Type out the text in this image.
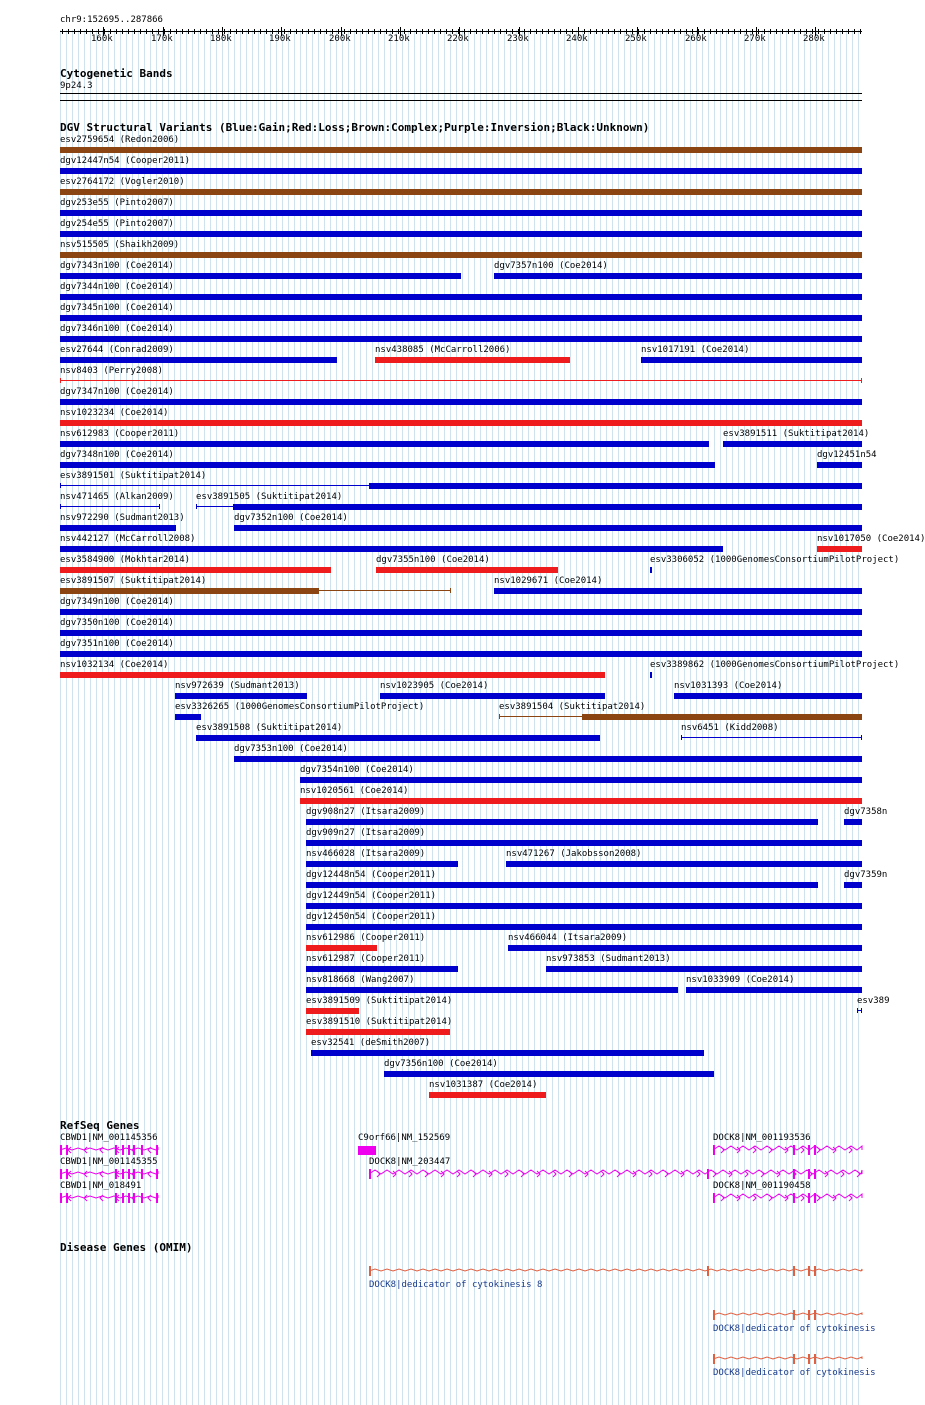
chr9:152695..287866
160k	170k	180k	190k	200k	210k	220k	230k	240k	250k	260k	270k	280k
Cytogenetic Bands
9p24.3
DGV Structural Variants (Blue:Gain;Red:Loss;Brown:Complex;Purple:Inversion;Black:Unknown)
esv2759654 (Redon2006)
dgv12447n54 (Cooper2011)
esv2764172 (Vogler2010)
dgv253e55 (Pinto2007)
dgv254e55 (Pinto2007)
nsv515505 (Shaikh2009)
dgv7343n100 (Coe2014)	dgv7357n100 (Coe2014)
dgv7344n100 (Coe2014)
dgv7345n100 (Coe2014)
dgv7346n100 (Coe2014)
esv27644 (Conrad2009)	nsv438085 (McCarroll2006)	nsv1017191 (Coe2014)
nsv8403 (Perry2008)
dgv7347n100 (Coe2014)
nsv1023234 (Coe2014)
nsv612983 (Cooper2011)	esv3891511 (Suktitipat2014)
dgv7348n100 (Coe2014)	dgv12451n54
esv3891501 (Suktitipat2014)
nsv471465 (Alkan2009) esv3891505 (Suktitipat2014)
nsv972290 (Sudmant2013)	dgv7352n100 (Coe2014)
nsv442127 (McCarroll2008)	nsv1017050 (Coe2014)
esv3584900 (Mokhtar2014)	dgv7355n100 (Coe2014)	esv3306052 (1000GenomesConsortiumPilotProject)
esv3891507 (Suktitipat2014)	nsv1029671 (Coe2014)
dgv7349n100 (Coe2014)
dgv7350n100 (Coe2014)
dgv7351n100 (Coe2014)
nsv1032134 (Coe2014)	esv3389862 (1000GenomesConsortiumPilotProject)
nsv972639 (Sudmant2013)	nsv1023905 (Coe2014)	nsv1031393 (Coe2014)
esv3326265 (1000GenomesConsortiumPilotProject)	esv3891504 (Suktitipat2014)
esv3891508 (Suktitipat2014)	nsv6451 (Kidd2008)
dgv7353n100 (Coe2014)
dgv7354n100 (Coe2014)
nsv1020561 (Coe2014)
dgv908n27 (Itsara2009)	dgv7358n
dgv909n27 (Itsara2009)
nsv466028 (Itsara2009)	nsv471267 (Jakobsson2008)
dgv12448n54 (Cooper2011)	dgv7359n
dgv12449n54 (Cooper2011)
dgv12450n54 (Cooper2011)
nsv612986 (Cooper2011)	nsv466044 (Itsara2009)
nsv612987 (Cooper2011)	nsv973853 (Sudmant2013)
nsv818668 (Wang2007)	nsv1033909 (Coe2014)
esv3891509 (Suktitipat2014)	esv389
esv3891510 (Suktitipat2014)
esv32541 (deSmith2007)
dgv7356n100 (Coe2014)
nsv1031387 (Coe2014)
RefSeq Genes
CBWD1|NM_001145356	C9orf66|NM_152569	DOCK8|NM_001193536
CBWD1|NM_001145355	DOCK8|NM_203447
CBWD1|NM_018491	DOCK8|NM_001190458
Disease Genes (OMIM)
DOCK8|dedicator of cytokinesis 8
DOCK8|dedicator of cytokinesis
DOCK8|dedicator of cytokinesis
